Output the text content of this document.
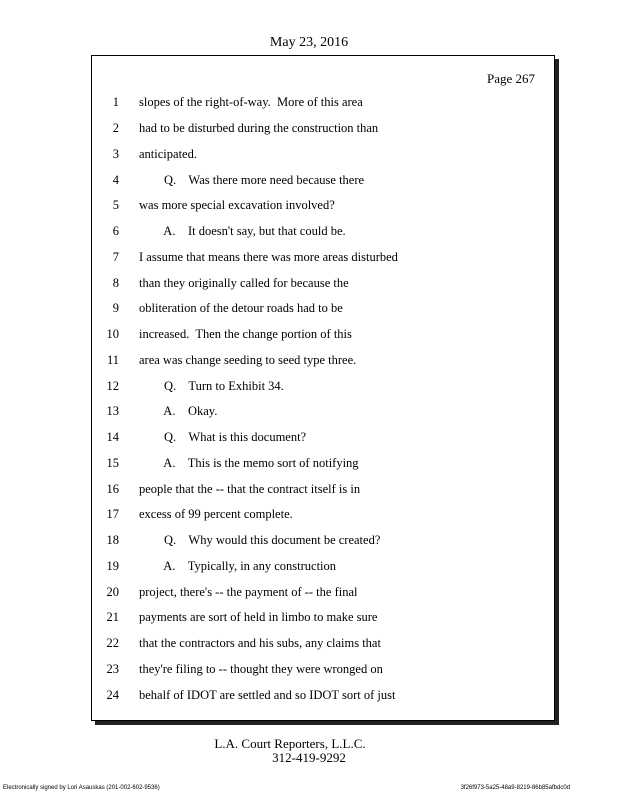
May 23, 2016
Page 267
1 slopes of the right-of-way.  More of this area
2 had to be disturbed during the construction than
3 anticipated.
4 Q.    Was there more need because there
5 was more special excavation involved?
6 A.    It doesn't say, but that could be.
7 I assume that means there was more areas disturbed
8 than they originally called for because the
9 obliteration of the detour roads had to be
10 increased.  Then the change portion of this
11 area was change seeding to seed type three.
12 Q.    Turn to Exhibit 34.
13 A.    Okay.
14 Q.    What is this document?
15 A.    This is the memo sort of notifying
16 people that the -- that the contract itself is in
17 excess of 99 percent complete.
18 Q.    Why would this document be created?
19 A.    Typically, in any construction
20 project, there's -- the payment of -- the final
21 payments are sort of held in limbo to make sure
22 that the contractors and his subs, any claims that
23 they're filing to -- thought they were wronged on
24 behalf of IDOT are settled and so IDOT sort of just
L.A. Court Reporters, L.L.C.
312-419-9292
Electronically signed by Lori Asauskas (201-002-602-9536)	3f26f973-5a25-48a9-8219-86b85afbdc0d
